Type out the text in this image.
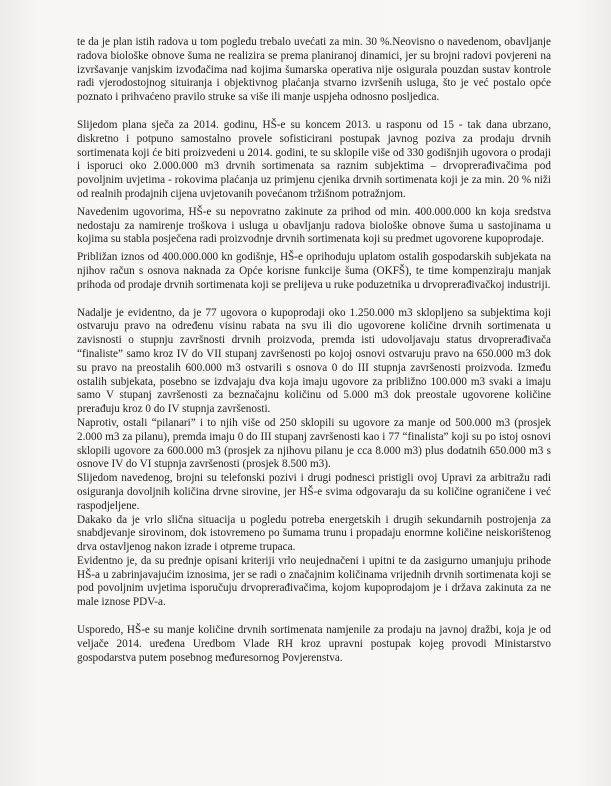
te da je plan istih radova u tom pogledu trebalo uvećati za min. 30 %.Neovisno o navedenom, obavljanje radova biološke obnove šuma ne realizira se prema planiranoj dinamici, jer su brojni radovi povjereni na izvršavanje vanjskim izvođačima nad kojima šumarska operativa nije osigurala pouzdan sustav kontrole radi vjerodostojnog situiranja i objektivnog plaćanja stvarno izvršenih usluga, što je već postalo opće poznato i prihvaćeno pravilo struke sa više ili manje uspjeha odnosno posljedica.

Slijedom plana sječa za 2014. godinu, HŠ-e su koncem 2013. u rasponu od 15 - tak dana ubrzano, diskretno i potpuno samostalno provele sofisticirani postupak javnog poziva za prodaju drvnih sortimenata koji će biti proizvedeni u 2014. godini, te su sklopile više od 330 godišnjih ugovora o prodaji i isporuci oko 2.000.000 m3 drvnih sortimenata sa raznim subjektima – drvoprerađivačima pod povoljnim uvjetima - rokovima plaćanja uz primjenu cjenika drvnih sortimenata koji je za min. 20 % niži od realnih prodajnih cijena uvjetovanih povećanom tržišnom potražnjom.

Navedenim ugovorima, HŠ-e su nepovratno zakinute za prihod od min. 400.000.000 kn koja sredstva nedostaju za namirenje troškova i usluga u obavljanju radova biološke obnove šuma u sastojinama u kojima su stabla posječena radi proizvodnje drvnih sortimenata koji su predmet ugovorene kupoprodaje.

Približan iznos od 400.000.000 kn godišnje, HŠ-e oprihoduju uplatom ostalih gospodarskih subjekata na njihov račun s osnova naknada za Opće korisne funkcije šuma (OKFŠ), te time kompenziraju manjak prihoda od prodaje drvnih sortimenata koji se prelijeva u ruke poduzetnika u drvoprerađivačkoj industriji.

Nadalje je evidentno, da je 77 ugovora o kupoprodaji oko 1.250.000 m3 sklopljeno sa subjektima koji ostvaruju pravo na određenu visinu rabata na svu ili dio ugovorene količine drvnih sortimenata u zavisnosti o stupnju završnosti drvnih proizvoda, premda isti udovoljavaju status drvoprerađivača “finaliste” samo kroz IV do VII stupanj završenosti po kojoj osnovi ostvaruju pravo na 650.000 m3 dok su pravo na preostalih 600.000 m3 ostvarili s osnova 0 do III stupnja završenosti proizvoda. Između ostalih subjekata, posebno se izdvajaju dva koja imaju ugovore za približno 100.000 m3 svaki a imaju samo V stupanj završenosti za beznačajnu količinu od 5.000 m3 dok preostale ugovorene količine prerađuju kroz 0 do IV stupnja završenosti.

Naprotiv, ostali “pilanari” i to njih više od 250 sklopili su ugovore za manje od 500.000 m3 (prosjek 2.000 m3 za pilanu), premda imaju 0 do III stupanj završenosti kao i 77 “finalista” koji su po istoj osnovi sklopili ugovore za 600.000 m3 (prosjek za njihovu pilanu je cca 8.000 m3) plus dodatnih 650.000 m3 s osnove IV do VI stupnja završenosti (prosjek 8.500 m3).

Slijedom navedenog, brojni su telefonski pozivi i drugi podnesci pristigli ovoj Upravi za arbitražu radi osiguranja dovoljnih količina drvne sirovine, jer HŠ-e svima odgovaraju da su količine ograničene i već raspodjeljene.

Dakako da je vrlo slična situacija u pogledu potreba energetskih i drugih sekundarnih postrojenja za snabdjevanje sirovinom, dok istovremeno po šumama trunu i propadaju enormne količine neiskorištenog drva ostavljenog nakon izrade i otpreme trupaca.

Evidentno je, da su prednje opisani kriteriji vrlo neujednačeni i upitni te da zasigurno umanjuju prihode HŠ-a u zabrinjavajućim iznosima, jer se radi o značajnim količinama vrijednih drvnih sortimenata koji se pod povoljnim uvjetima isporučuju drvoprerađivačima, kojom kupoprodajom je i država zakinuta za ne male iznose PDV-a.

Usporedo, HŠ-e su manje količine drvnih sortimenata namjenile za prodaju na javnoj dražbi, koja je od veljače 2014. uređena Uredbom Vlade RH kroz upravni postupak kojeg provodi Ministarstvo gospodarstva putem posebnog međuresornog Povjerenstva.
